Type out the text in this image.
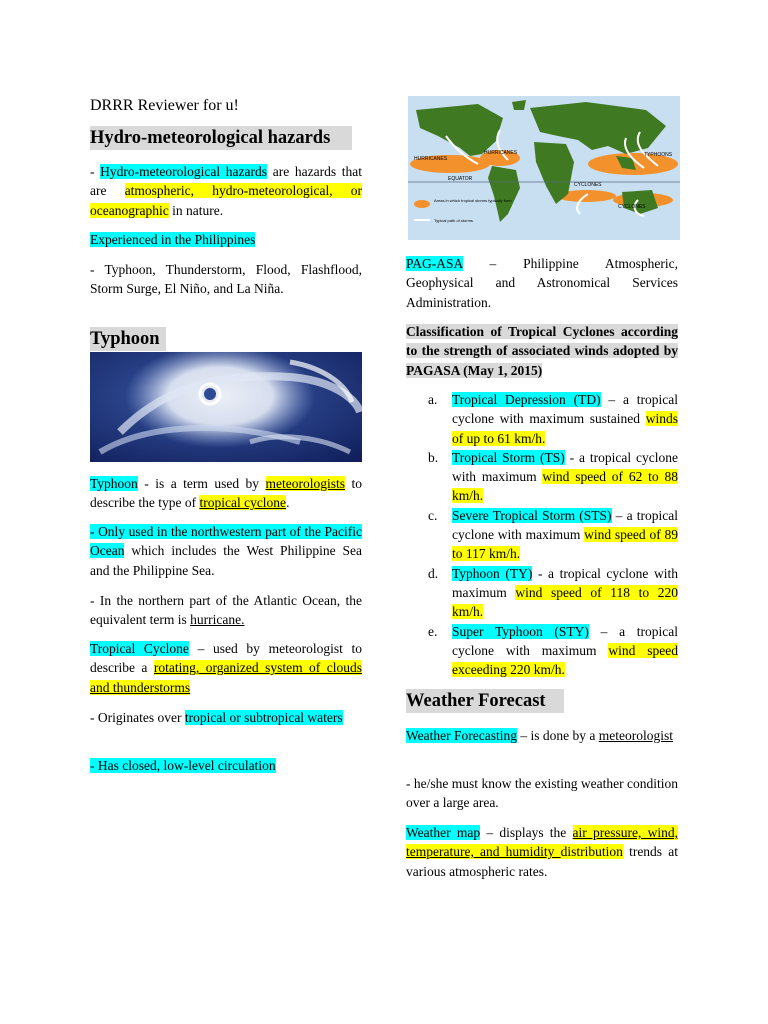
DRRR Reviewer for u!

Hydro-meteorological hazards

- Hydro-meteorological hazards are hazards that are atmospheric, hydro-meteorological, or oceanographic in nature.

Experienced in the Philippines

- Typhoon, Thunderstorm, Flood, Flashflood, Storm Surge, El Niño, and La Niña.

Typhoon

Typhoon - is a term used by meteorologists to describe the type of tropical cyclone.

- Only used in the northwestern part of the Pacific Ocean which includes the West Philippine Sea and the Philippine Sea.

- In the northern part of the Atlantic Ocean, the equivalent term is hurricane.

Tropical Cyclone – used by meteorologist to describe a rotating, organized system of clouds and thunderstorms

- Originates over tropical or subtropical waters

- Has closed, low-level circulation

HURRICANES
HURRICANES	TYPHOONS
EQUATOR
CYCLONES
CYCLONES
Areas in which tropical storms typically form
Typical path of storms

PAG-ASA – Philippine Atmospheric, Geophysical and Astronomical Services Administration.

Classification of Tropical Cyclones according to the strength of associated winds adopted by PAGASA (May 1, 2015)

a. Tropical Depression (TD) – a tropical cyclone with maximum sustained winds of up to 61 km/h.
b. Tropical Storm (TS) - a tropical cyclone with maximum wind speed of 62 to 88 km/h.
c. Severe Tropical Storm (STS) – a tropical cyclone with maximum wind speed of 89 to 117 km/h.
d. Typhoon (TY) - a tropical cyclone with maximum wind speed of 118 to 220 km/h.
e. Super Typhoon (STY) – a tropical cyclone with maximum wind speed exceeding 220 km/h.
Weather Forecast

Weather Forecasting – is done by a meteorologist

- he/she must know the existing weather condition over a large area.

Weather map – displays the air pressure, wind, temperature, and humidity distribution trends at various atmospheric rates.
